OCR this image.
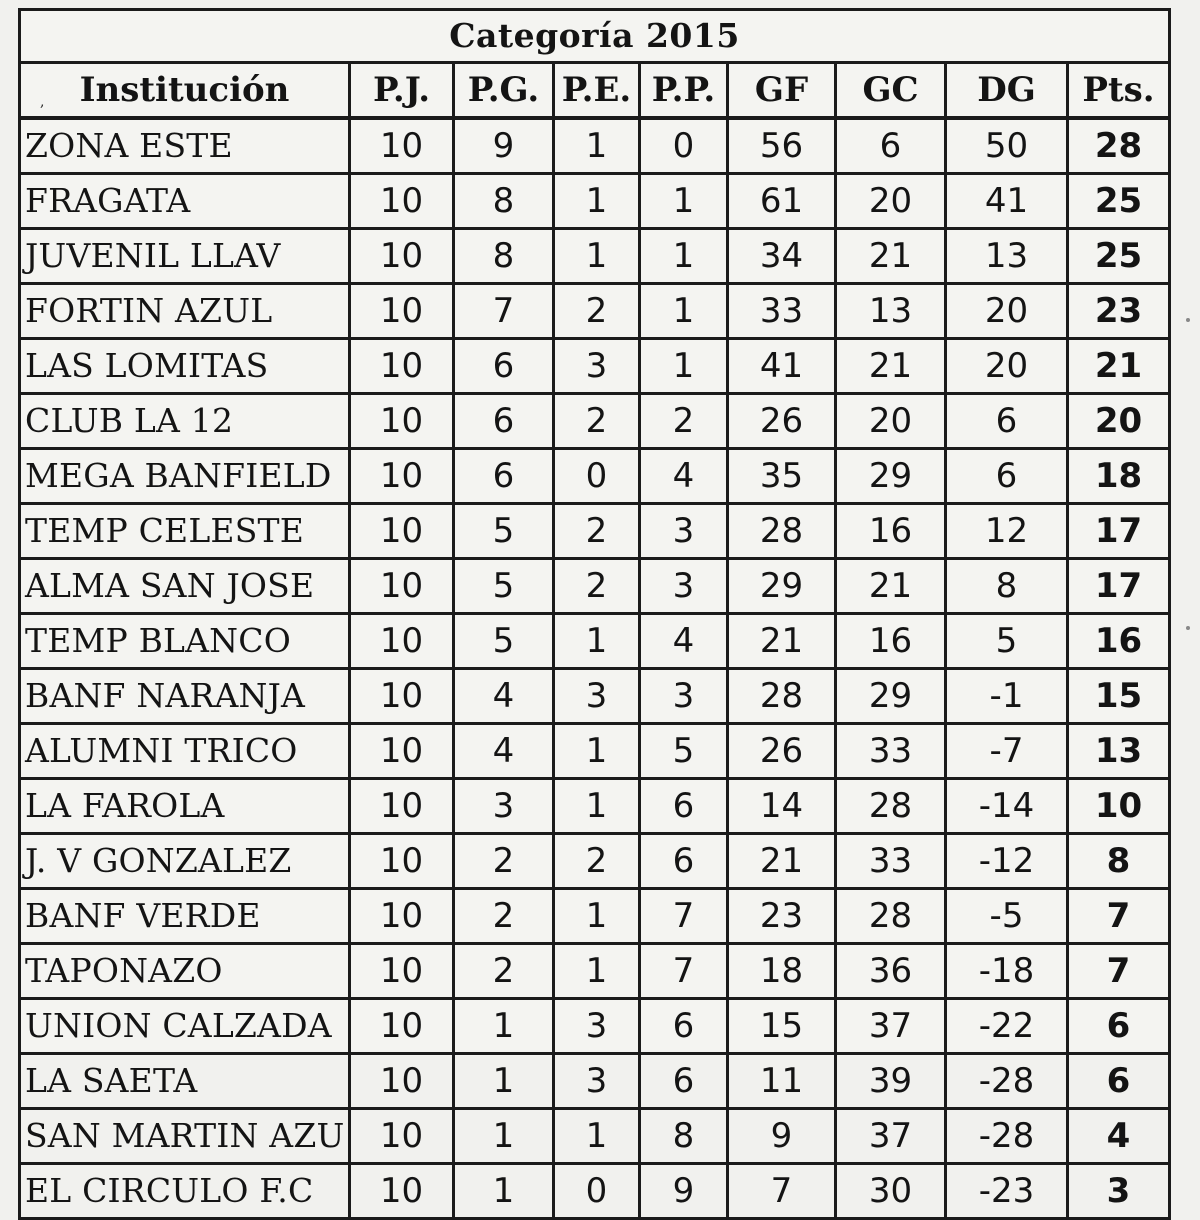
Categoría 2015								
Institución	P.J.	P.G.	P.E.	P.P.	GF	GC	DG	Pts.
ZONA ESTE	10	9	1	0	56	6	50	28
FRAGATA	10	8	1	1	61	20	41	25
JUVENIL LLAV	10	8	1	1	34	21	13	25
FORTIN AZUL	10	7	2	1	33	13	20	23
LAS LOMITAS	10	6	3	1	41	21	20	21
CLUB LA 12	10	6	2	2	26	20	6	20
MEGA BANFIELD	10	6	0	4	35	29	6	18
TEMP CELESTE	10	5	2	3	28	16	12	17
ALMA SAN JOSE	10	5	2	3	29	21	8	17
TEMP BLANCO	10	5	1	4	21	16	5	16
BANF NARANJA	10	4	3	3	28	29	-1	15
ALUMNI TRICO	10	4	1	5	26	33	-7	13
LA FAROLA	10	3	1	6	14	28	-14	10
J. V GONZALEZ	10	2	2	6	21	33	-12	8
BANF VERDE	10	2	1	7	23	28	-5	7
TAPONAZO	10	2	1	7	18	36	-18	7
UNION CALZADA	10	1	3	6	15	37	-22	6
LA SAETA	10	1	3	6	11	39	-28	6
SAN MARTIN AZU	10	1	1	8	9	37	-28	4
EL CIRCULO F.C	10	1	0	9	7	30	-23	3
,
